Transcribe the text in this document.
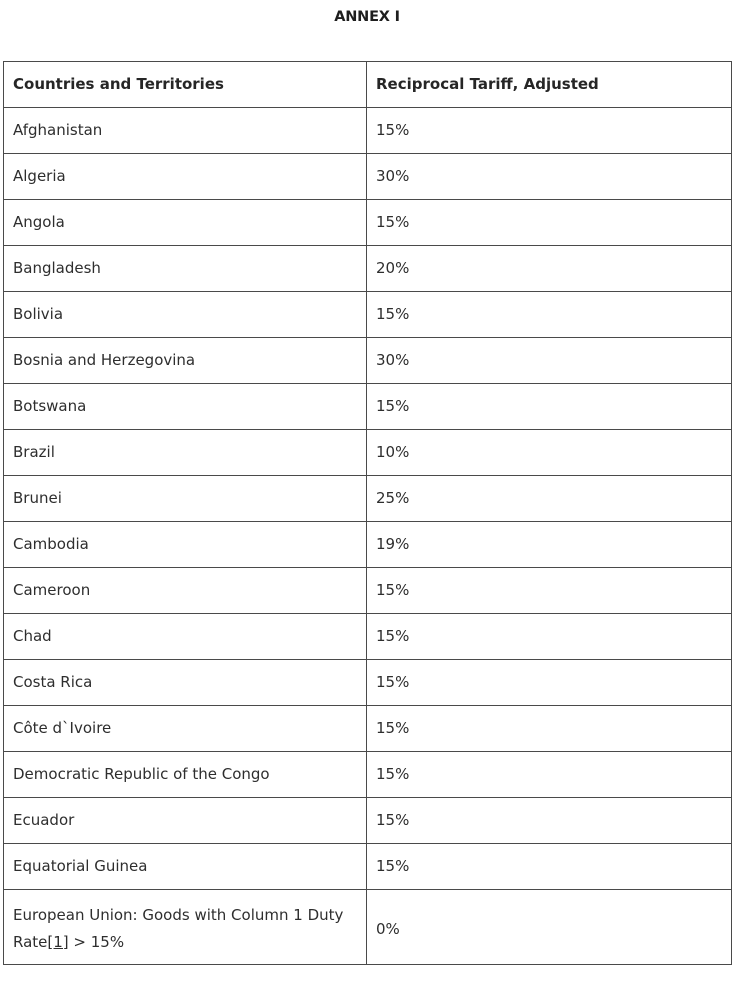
ANNEX I
Countries and Territories	Reciprocal Tariff, Adjusted
Afghanistan	15%
Algeria	30%
Angola	15%
Bangladesh	20%
Bolivia	15%
Bosnia and Herzegovina	30%
Botswana	15%
Brazil	10%
Brunei	25%
Cambodia	19%
Cameroon	15%
Chad	15%
Costa Rica	15%
Côte d`Ivoire	15%
Democratic Republic of the Congo	15%
Ecuador	15%
Equatorial Guinea	15%
European Union: Goods with Column 1 Duty Rate[1] > 15%	0%
